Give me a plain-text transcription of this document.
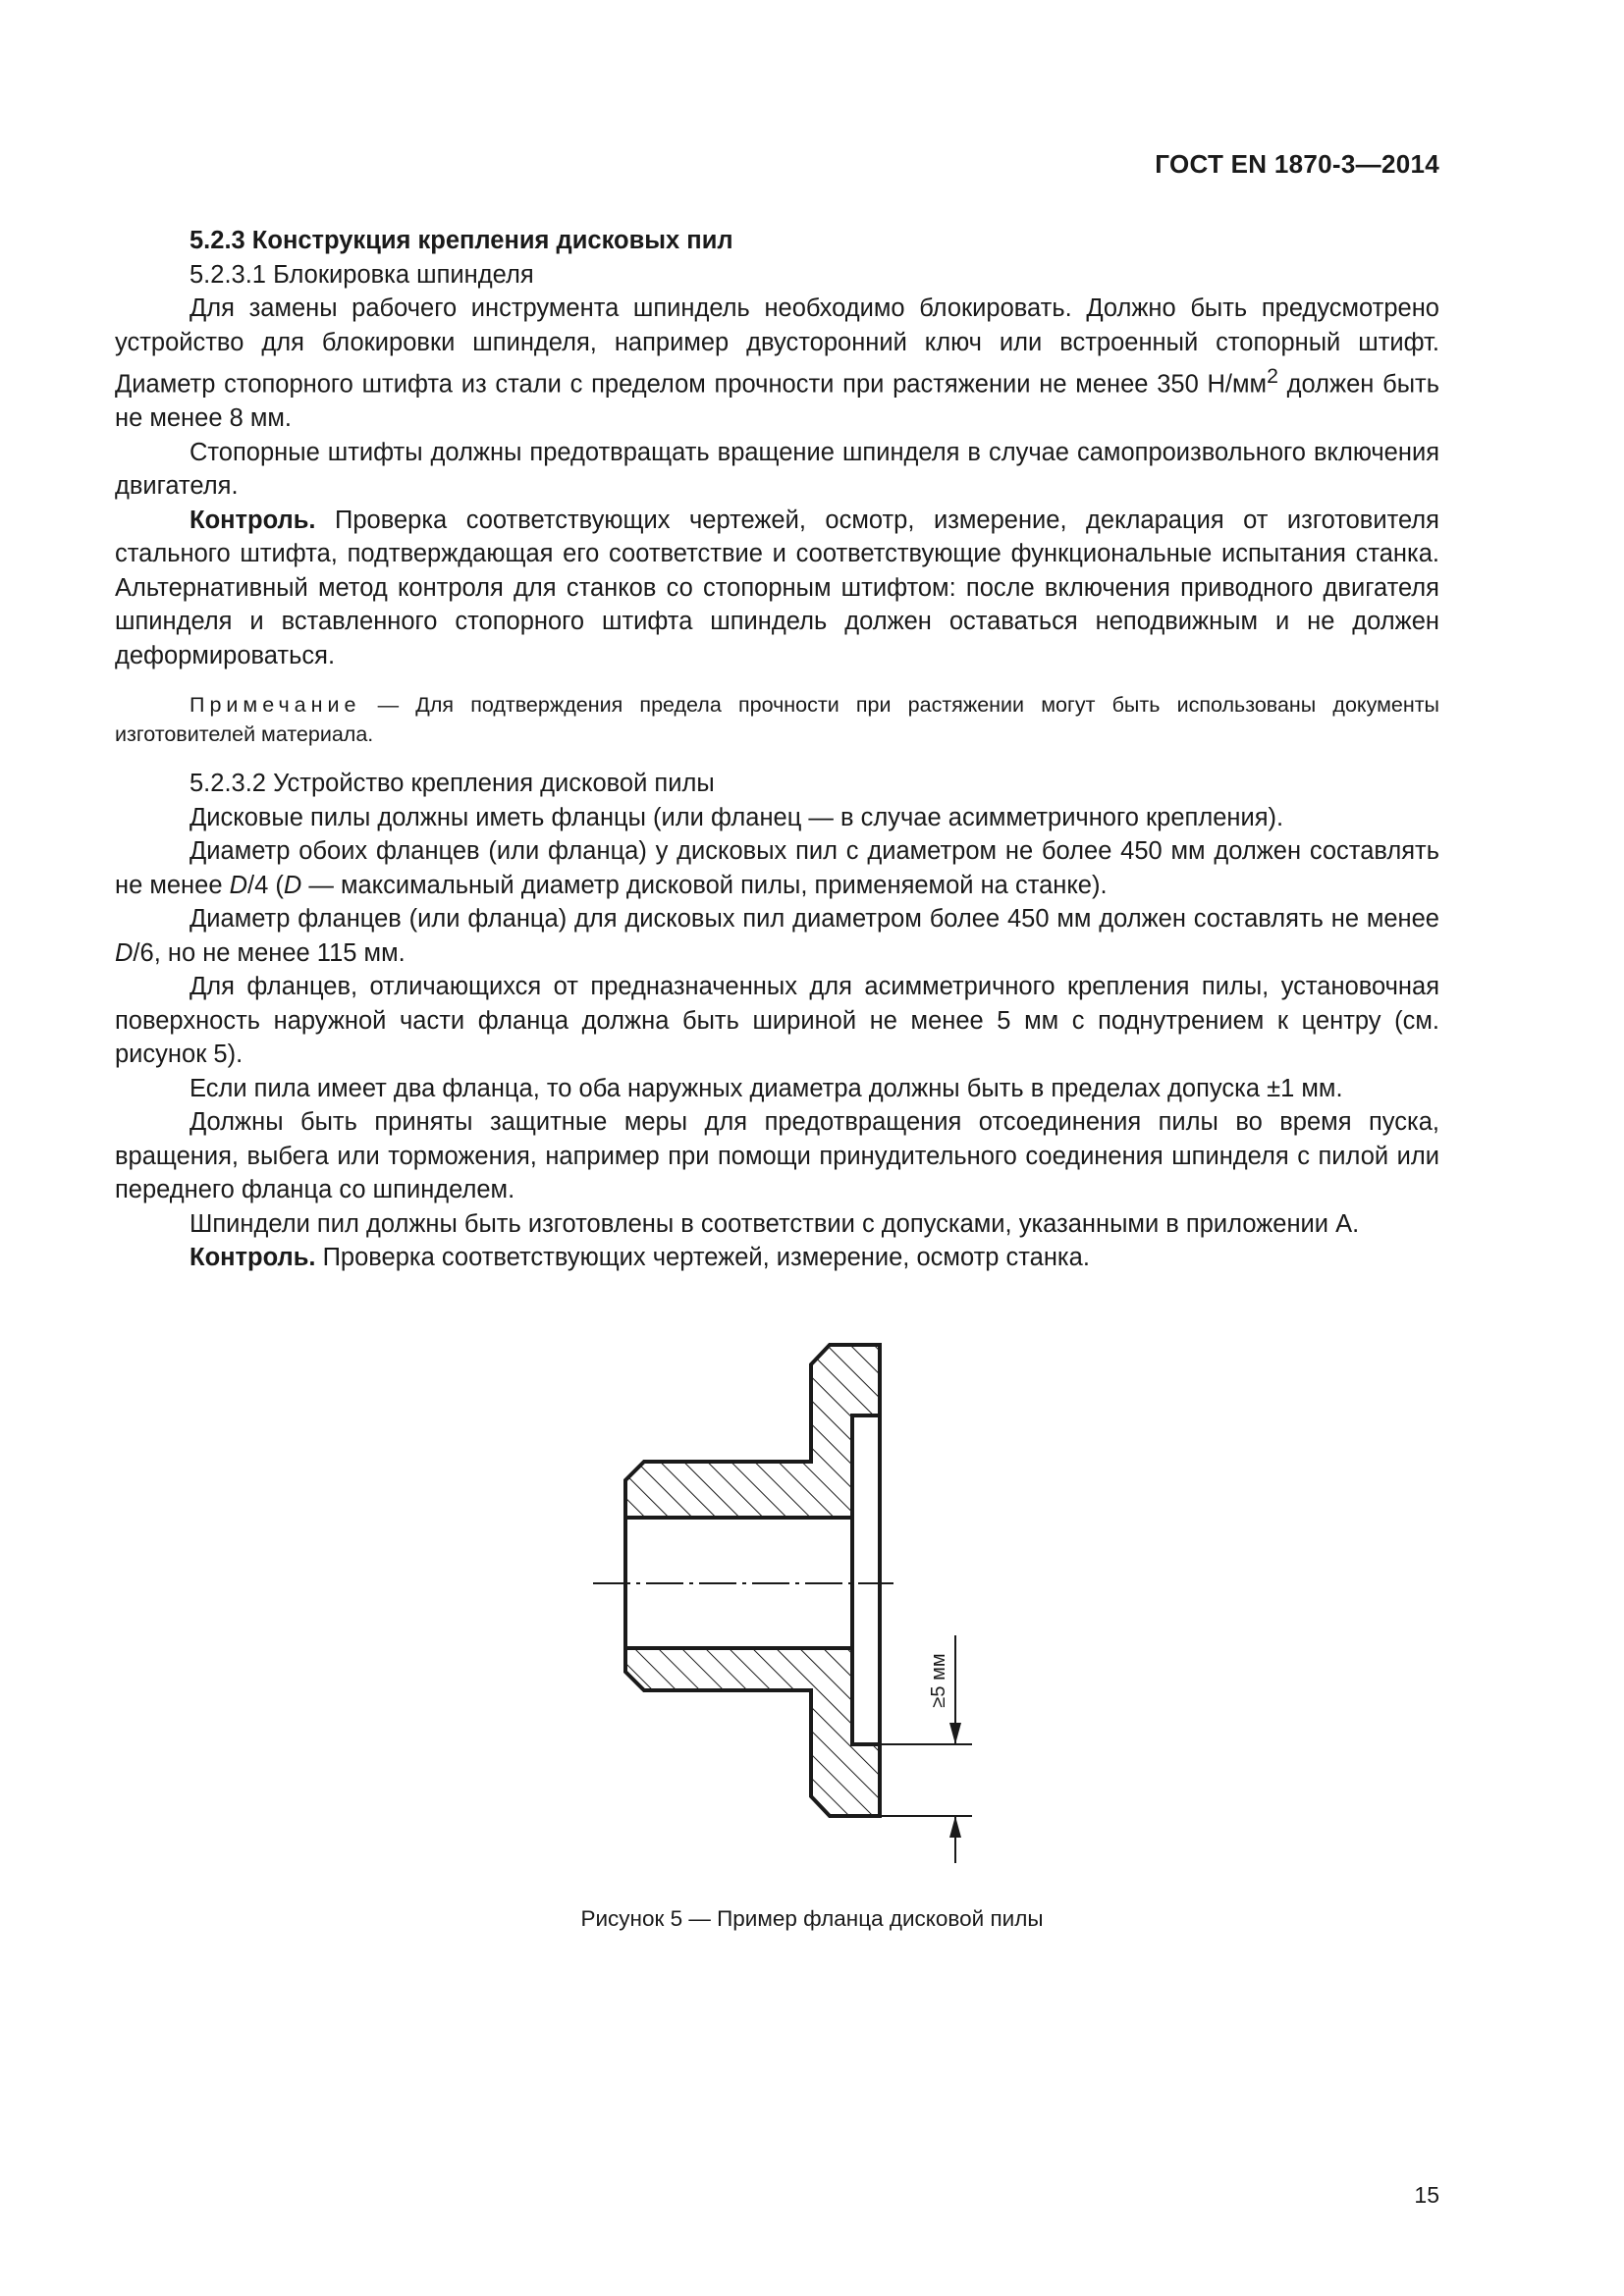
ГОСТ EN 1870-3—2014

5.2.3 Конструкция крепления дисковых пил

5.2.3.1 Блокировка шпинделя

Для замены рабочего инструмента шпиндель необходимо блокировать. Должно быть предусмотрено устройство для блокировки шпинделя, например двусторонний ключ или встроенный стопорный штифт. Диаметр стопорного штифта из стали с пределом прочности при растяжении не менее 350 $Н/мм^2$ должен быть не менее 8 мм.

Стопорные штифты должны предотвращать вращение шпинделя в случае самопроизвольного включения двигателя.

Контроль. Проверка соответствующих чертежей, осмотр, измерение, декларация от изготовителя стального штифта, подтверждающая его соответствие и соответствующие функциональные испытания станка. Альтернативный метод контроля для станков со стопорным штифтом: после включения приводного двигателя шпинделя и вставленного стопорного штифта шпиндель должен оставаться неподвижным и не должен деформироваться.

Примечание — Для подтверждения предела прочности при растяжении могут быть использованы документы изготовителей материала.

5.2.3.2 Устройство крепления дисковой пилы

Дисковые пилы должны иметь фланцы (или фланец — в случае асимметричного крепления).

Диаметр обоих фланцев (или фланца) у дисковых пил с диаметром не более 450 мм должен составлять не менее D/4 (D — максимальный диаметр дисковой пилы, применяемой на станке).

Диаметр фланцев (или фланца) для дисковых пил диаметром более 450 мм должен составлять не менее D/6, но не менее 115 мм.

Для фланцев, отличающихся от предназначенных для асимметричного крепления пилы, установочная поверхность наружной части фланца должна быть шириной не менее 5 мм с поднутрением к центру (см. рисунок 5).

Если пила имеет два фланца, то оба наружных диаметра должны быть в пределах допуска ±1 мм.

Должны быть приняты защитные меры для предотвращения отсоединения пилы во время пуска, вращения, выбега или торможения, например при помощи принудительного соединения шпинделя с пилой или переднего фланца со шпинделем.

Шпиндели пил должны быть изготовлены в соответствии с допусками, указанными в приложении А.

Контроль. Проверка соответствующих чертежей, измерение, осмотр станка.

≥5 мм
Рисунок 5 — Пример фланца дисковой пилы
15
